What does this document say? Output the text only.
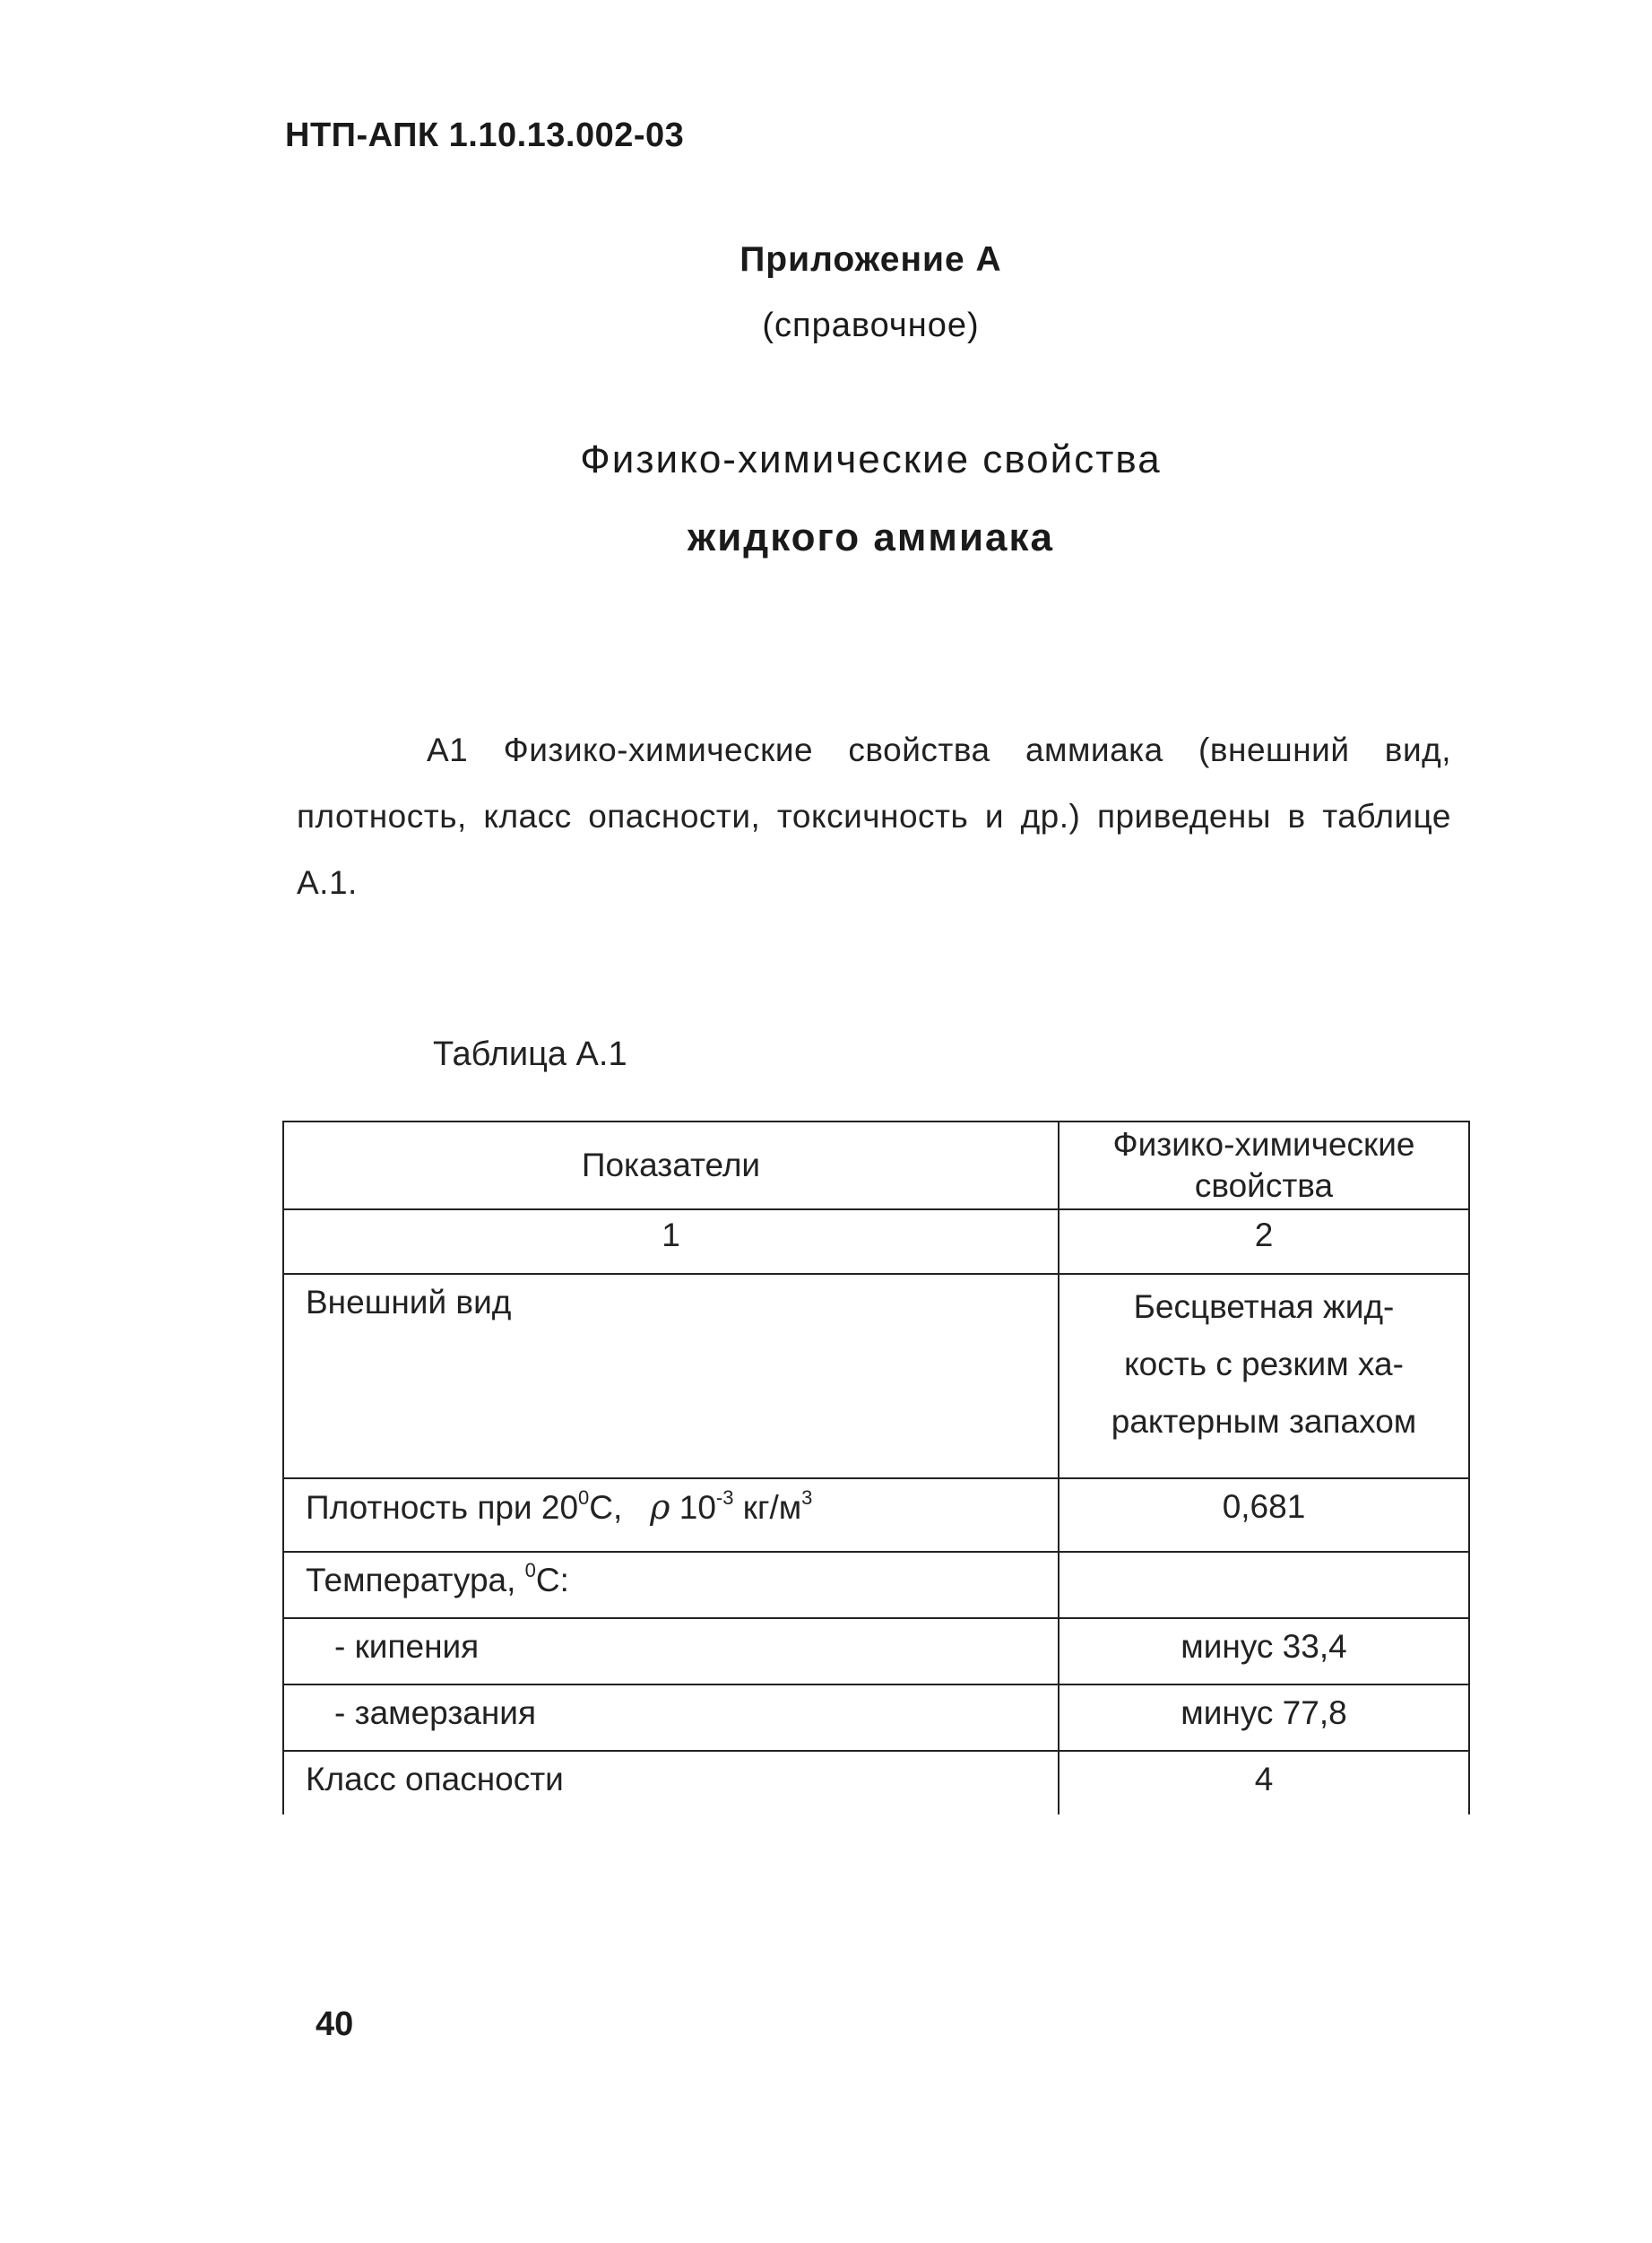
НТП-АПК 1.10.13.002-03
Приложение А
(справочное)
Физико-химические свойства
жидкого аммиака
А1 Физико-химические свойства аммиака (внешний вид, плотность, класс опасности, токсичность и др.) приведены в таблице А.1.
Таблица А.1
Показатели	Физико-химические свойства
1	2
Внешний вид	Бесцветная жид-
кость с резким ха-
рактерным запахом

Плотность при $20^0С$,   ρ $10^{-3}$ $кг/м^3$	0,681
Температура, $^0$С:	
- кипения	минус 33,4
- замерзания	минус 77,8
Класс опасности	4
40
